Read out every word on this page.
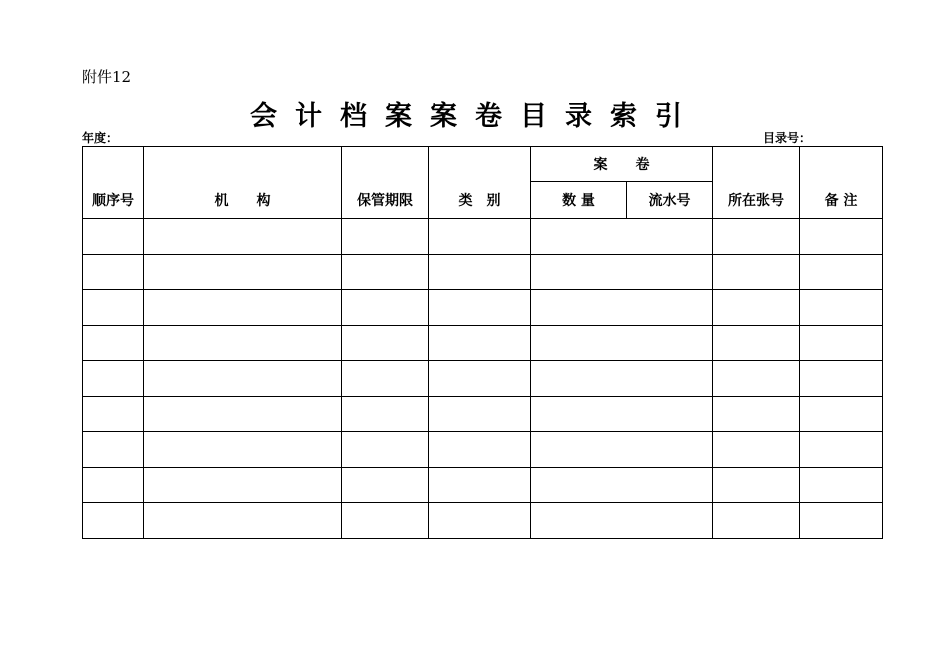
附件12
会计档案案卷目录索引
年度：	目录号：
顺序号	机　　构	保管期限	类　别	案　　卷		所在张号	备 注
				数 量	流水号		
